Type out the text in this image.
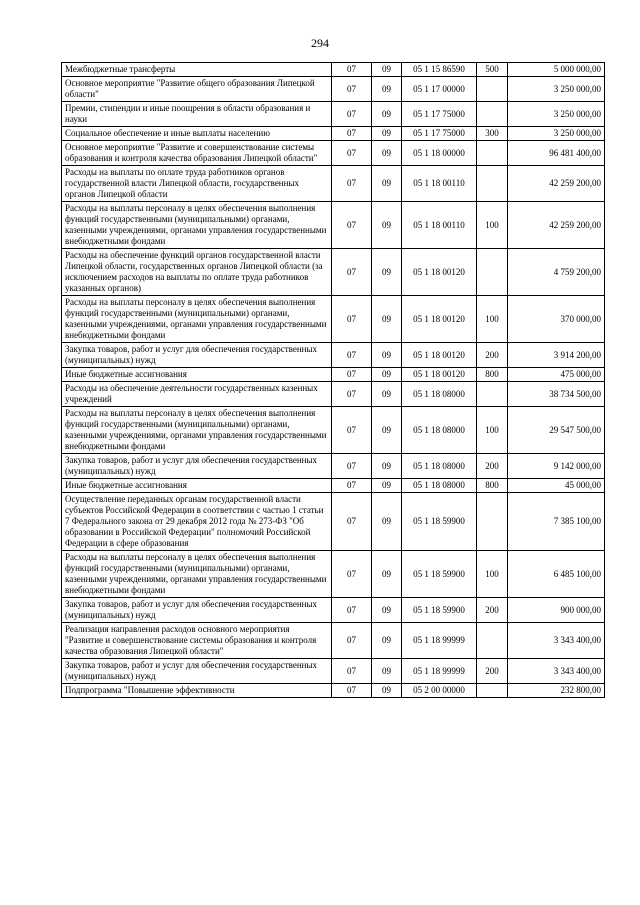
294
Межбюджетные трансферты	07	09	05 1 15 86590	500	5 000 000,00
Основное мероприятие "Развитие общего образования Липецкой области"	07	09	05 1 17 00000		3 250 000,00
Премии, стипендии и иные поощрения в области образования и науки	07	09	05 1 17 75000		3 250 000,00
Социальное обеспечение и иные выплаты населению	07	09	05 1 17 75000	300	3 250 000,00
Основное мероприятие "Развитие и совершенствование системы образования и контроля качества образования Липецкой области"	07	09	05 1 18 00000		96 481 400,00
Расходы на выплаты по оплате труда работников органов государственной власти Липецкой области, государственных органов Липецкой области	07	09	05 1 18 00110		42 259 200,00
Расходы на выплаты персоналу в целях обеспечения выполнения функций государственными (муниципальными) органами, казенными учреждениями, органами управления государственными внебюджетными фондами	07	09	05 1 18 00110	100	42 259 200,00
Расходы на обеспечение функций органов государственной власти Липецкой области, государственных органов Липецкой области (за исключением расходов на выплаты по оплате труда работников указанных органов)	07	09	05 1 18 00120		4 759 200,00
Расходы на выплаты персоналу в целях обеспечения выполнения функций государственными (муниципальными) органами, казенными учреждениями, органами управления государственными внебюджетными фондами	07	09	05 1 18 00120	100	370 000,00
Закупка товаров, работ и услуг для обеспечения государственных (муниципальных) нужд	07	09	05 1 18 00120	200	3 914 200,00
Иные бюджетные ассигнования	07	09	05 1 18 00120	800	475 000,00
Расходы на обеспечение деятельности государственных казенных учреждений	07	09	05 1 18 08000		38 734 500,00
Расходы на выплаты персоналу в целях обеспечения выполнения функций государственными (муниципальными) органами, казенными учреждениями, органами управления государственными внебюджетными фондами	07	09	05 1 18 08000	100	29 547 500,00
Закупка товаров, работ и услуг для обеспечения государственных (муниципальных) нужд	07	09	05 1 18 08000	200	9 142 000,00
Иные бюджетные ассигнования	07	09	05 1 18 08000	800	45 000,00
Осуществление переданных органам государственной власти субъектов Российской Федерации в соответствии с частью 1 статьи 7 Федерального закона от 29 декабря 2012 года № 273-ФЗ "Об образовании в Российской Федерации" полномочий Российской Федерации в сфере образования	07	09	05 1 18 59900		7 385 100,00
Расходы на выплаты персоналу в целях обеспечения выполнения функций государственными (муниципальными) органами, казенными учреждениями, органами управления государственными внебюджетными фондами	07	09	05 1 18 59900	100	6 485 100,00
Закупка товаров, работ и услуг для обеспечения государственных (муниципальных) нужд	07	09	05 1 18 59900	200	900 000,00
Реализация направления расходов основного мероприятия "Развитие и совершенствование системы образования и контроля качества образования Липецкой области"	07	09	05 1 18 99999		3 343 400,00
Закупка товаров, работ и услуг для обеспечения государственных (муниципальных) нужд	07	09	05 1 18 99999	200	3 343 400,00
Подпрограмма "Повышение эффективности	07	09	05 2 00 00000		232 800,00
